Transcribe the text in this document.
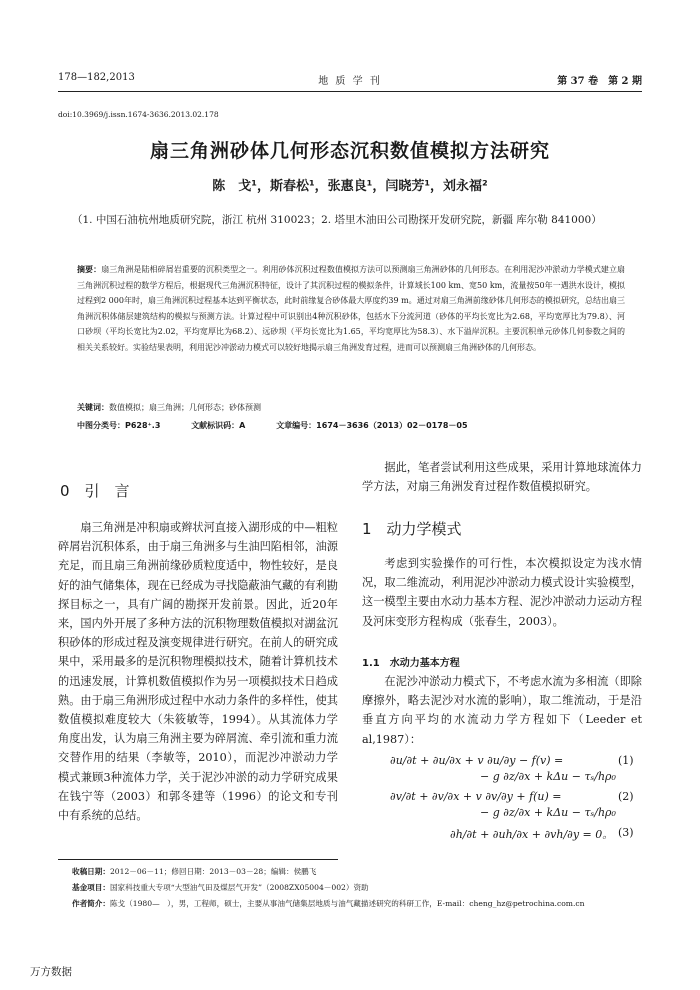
178—182,2013	地 质 学 刊	第 37 卷　第 2 期
doi:10.3969/j.issn.1674-3636.2013.02.178
扇三角洲砂体几何形态沉积数值模拟方法研究
陈　戈¹，斯春松¹，张惠良¹，闫晓芳¹，刘永福²
（1. 中国石油杭州地质研究院，浙江 杭州 310023；2. 塔里木油田公司勘探开发研究院，新疆 库尔勒 841000）
摘要：扇三角洲是陆相碎屑岩重要的沉积类型之一。利用砂体沉积过程数值模拟方法可以预测扇三角洲砂体的几何形态。在利用泥沙冲淤动力学模式建立扇三角洲沉积过程的数学方程后，根据现代三角洲沉积特征，设计了其沉积过程的模拟条件，计算域长100 km、宽50 km，流量按50年一遇洪水设计，模拟过程到2 000年时，扇三角洲沉积过程基本达到平衡状态，此时前缘复合砂体最大厚度约39 m。通过对扇三角洲前缘砂体几何形态的模拟研究，总结出扇三角洲沉积体储层建筑结构的模拟与预测方法。计算过程中可识别出4种沉积砂体，包括水下分流河道（砂体的平均长宽比为2.68，平均宽厚比为79.8）、河口砂坝（平均长宽比为2.02，平均宽厚比为68.2）、远砂坝（平均长宽比为1.65，平均宽厚比为58.3）、水下溢岸沉积。主要沉积单元砂体几何参数之间的相关关系较好。实验结果表明，利用泥沙冲淤动力模式可以较好地揭示扇三角洲发育过程，进而可以预测扇三角洲砂体的几何形态。
关键词：数值模拟；扇三角洲；几何形态；砂体预测
中图分类号：P628⁺.3	文献标识码：A	文章编号：1674－3636（2013）02－0178－05
0　引　言
扇三角洲是冲积扇或辫状河直接入湖形成的中—粗粒碎屑岩沉积体系，由于扇三角洲多与生油凹陷相邻，油源充足，而且扇三角洲前缘砂质粒度适中，物性较好，是良好的油气储集体，现在已经成为寻找隐蔽油气藏的有利勘探目标之一，具有广阔的勘探开发前景。因此，近20年来，国内外开展了多种方法的沉积物理数值模拟对湖盆沉积砂体的形成过程及演变规律进行研究。在前人的研究成果中，采用最多的是沉积物理模拟技术，随着计算机技术的迅速发展，计算机数值模拟作为另一项模拟技术日趋成熟。由于扇三角洲形成过程中水动力条件的多样性，使其数值模拟难度较大（朱筱敏等，1994）。从其流体力学角度出发，认为扇三角洲主要为碎屑流、牵引流和重力流交替作用的结果（李敏等，2010），而泥沙冲淤动力学模式兼顾3种流体力学，关于泥沙冲淤的动力学研究成果在钱宁等（2003）和郭冬建等（1996）的论文和专刊中有系统的总结。
据此，笔者尝试利用这些成果，采用计算地球流体力学方法，对扇三角洲发育过程作数值模拟研究。
1　动力学模式
考虑到实验操作的可行性，本次模拟设定为浅水情况，取二维流动，利用泥沙冲淤动力模式设计实验模型，这一模型主要由水动力基本方程、泥沙冲淤动力运动方程及河床变形方程构成（张春生，2003）。
1.1　水动力基本方程
在泥沙冲淤动力模式下，不考虑水流为多相流（即除摩擦外，略去泥沙对水流的影响），取二维流动，于是沿垂直方向平均的水流动力学方程如下（Leeder et al,1987）：
∂u/∂t + ∂u/∂x + v ∂u/∂y − f(v) =
− g ∂z/∂x + kΔu − τₛ/hρ₀
(1)
∂v/∂t + ∂v/∂x + v ∂v/∂y + f(u) =
− g ∂z/∂x + kΔu − τₛ/hρ₀
(2)
∂h/∂t + ∂uh/∂x + ∂vh/∂y = 0。 (3)
收稿日期：2012－06－11；修回日期：2013－03－28；编辑：侯鹏飞
基金项目：国家科技重大专项“大型油气田及煤层气开发”（2008ZX05004－002）资助
作者简介：陈戈（1980—　），男，工程师，硕士，主要从事油气储集层地质与油气藏描述研究的科研工作，E-mail：cheng_hz@petrochina.com.cn
万方数据
